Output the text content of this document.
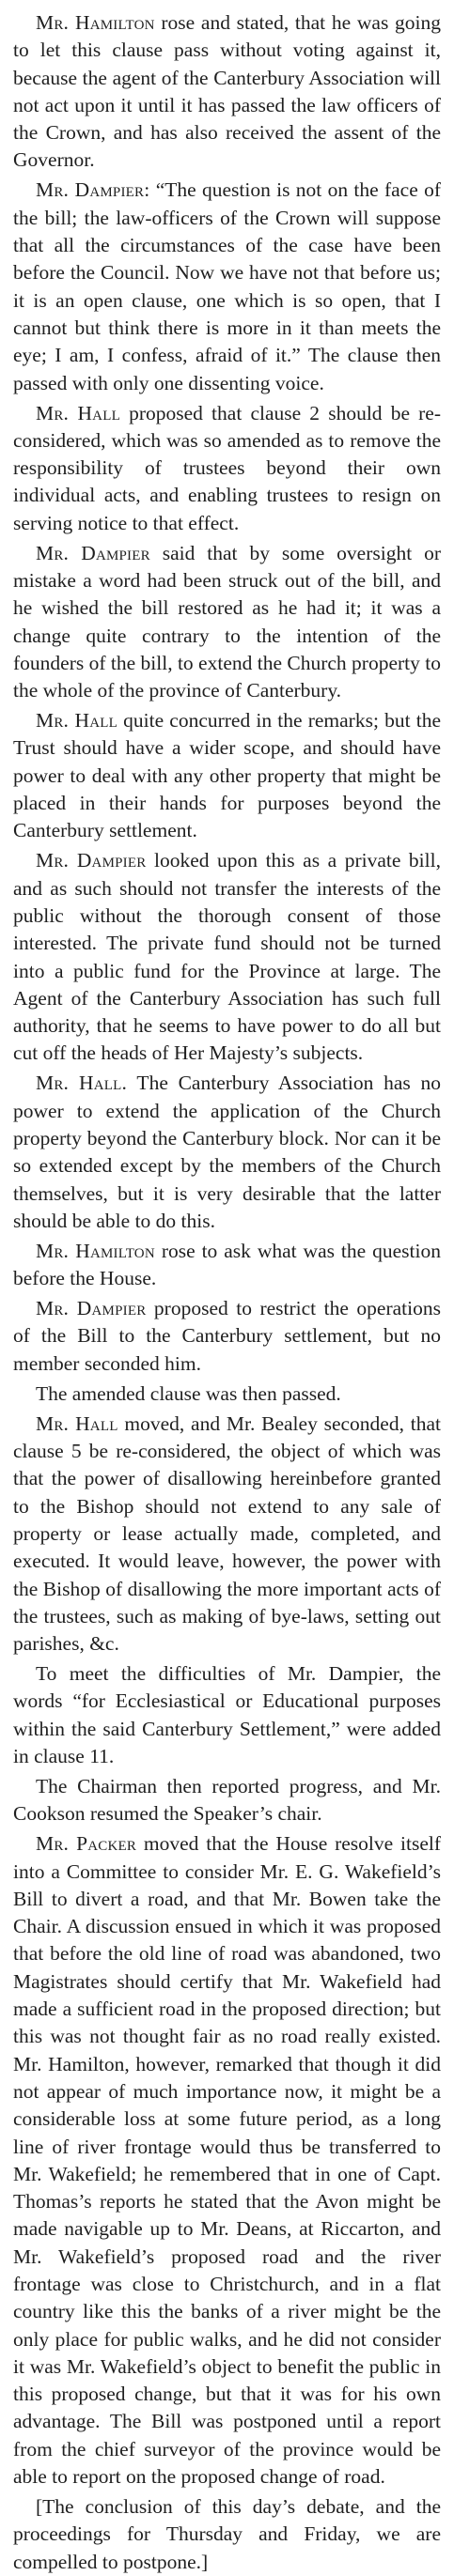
Mr. Hamilton rose and stated, that he was going to let this clause pass without voting against it, because the agent of the Canterbury Association will not act upon it until it has passed the law officers of the Crown, and has also received the assent of the Governor.

Mr. Dampier: “The question is not on the face of the bill; the law-officers of the Crown will suppose that all the circumstances of the case have been before the Council. Now we have not that before us; it is an open clause, one which is so open, that I cannot but think there is more in it than meets the eye; I am, I confess, afraid of it.” The clause then passed with only one dissenting voice.

Mr. Hall proposed that clause 2 should be re-considered, which was so amended as to remove the responsibility of trustees beyond their own individual acts, and enabling trustees to resign on serving notice to that effect.

Mr. Dampier said that by some oversight or mistake a word had been struck out of the bill, and he wished the bill restored as he had it; it was a change quite contrary to the intention of the founders of the bill, to extend the Church property to the whole of the province of Canterbury.

Mr. Hall quite concurred in the remarks; but the Trust should have a wider scope, and should have power to deal with any other property that might be placed in their hands for purposes beyond the Canterbury settlement.

Mr. Dampier looked upon this as a private bill, and as such should not transfer the interests of the public without the thorough consent of those interested. The private fund should not be turned into a public fund for the Province at large. The Agent of the Canterbury Association has such full authority, that he seems to have power to do all but cut off the heads of Her Majesty’s subjects.

Mr. Hall. The Canterbury Association has no power to extend the application of the Church property beyond the Canterbury block. Nor can it be so extended except by the members of the Church themselves, but it is very desirable that the latter should be able to do this.

Mr. Hamilton rose to ask what was the question before the House.

Mr. Dampier proposed to restrict the operations of the Bill to the Canterbury settlement, but no member seconded him.

The amended clause was then passed.

Mr. Hall moved, and Mr. Bealey seconded, that clause 5 be re-considered, the object of which was that the power of disallowing hereinbefore granted to the Bishop should not extend to any sale of property or lease actually made, completed, and executed. It would leave, however, the power with the Bishop of disallowing the more important acts of the trustees, such as making of bye-laws, setting out parishes, &c.

To meet the difficulties of Mr. Dampier, the words “for Ecclesiastical or Educational purposes within the said Canterbury Settlement,” were added in clause 11.

The Chairman then reported progress, and Mr. Cookson resumed the Speaker’s chair.

Mr. Packer moved that the House resolve itself into a Committee to consider Mr. E. G. Wakefield’s Bill to divert a road, and that Mr. Bowen take the Chair. A discussion ensued in which it was proposed that before the old line of road was abandoned, two Magistrates should certify that Mr. Wakefield had made a sufficient road in the proposed direction; but this was not thought fair as no road really existed. Mr. Hamilton, however, remarked that though it did not appear of much importance now, it might be a considerable loss at some future period, as a long line of river frontage would thus be transferred to Mr. Wakefield; he remembered that in one of Capt. Thomas’s reports he stated that the Avon might be made navigable up to Mr. Deans, at Riccarton, and Mr. Wakefield’s proposed road and the river frontage was close to Christchurch, and in a flat country like this the banks of a river might be the only place for public walks, and he did not consider it was Mr. Wakefield’s object to benefit the public in this proposed change, but that it was for his own advantage. The Bill was postponed until a report from the chief surveyor of the province would be able to report on the proposed change of road.

[The conclusion of this day’s debate, and the proceedings for Thursday and Friday, we are compelled to postpone.]
